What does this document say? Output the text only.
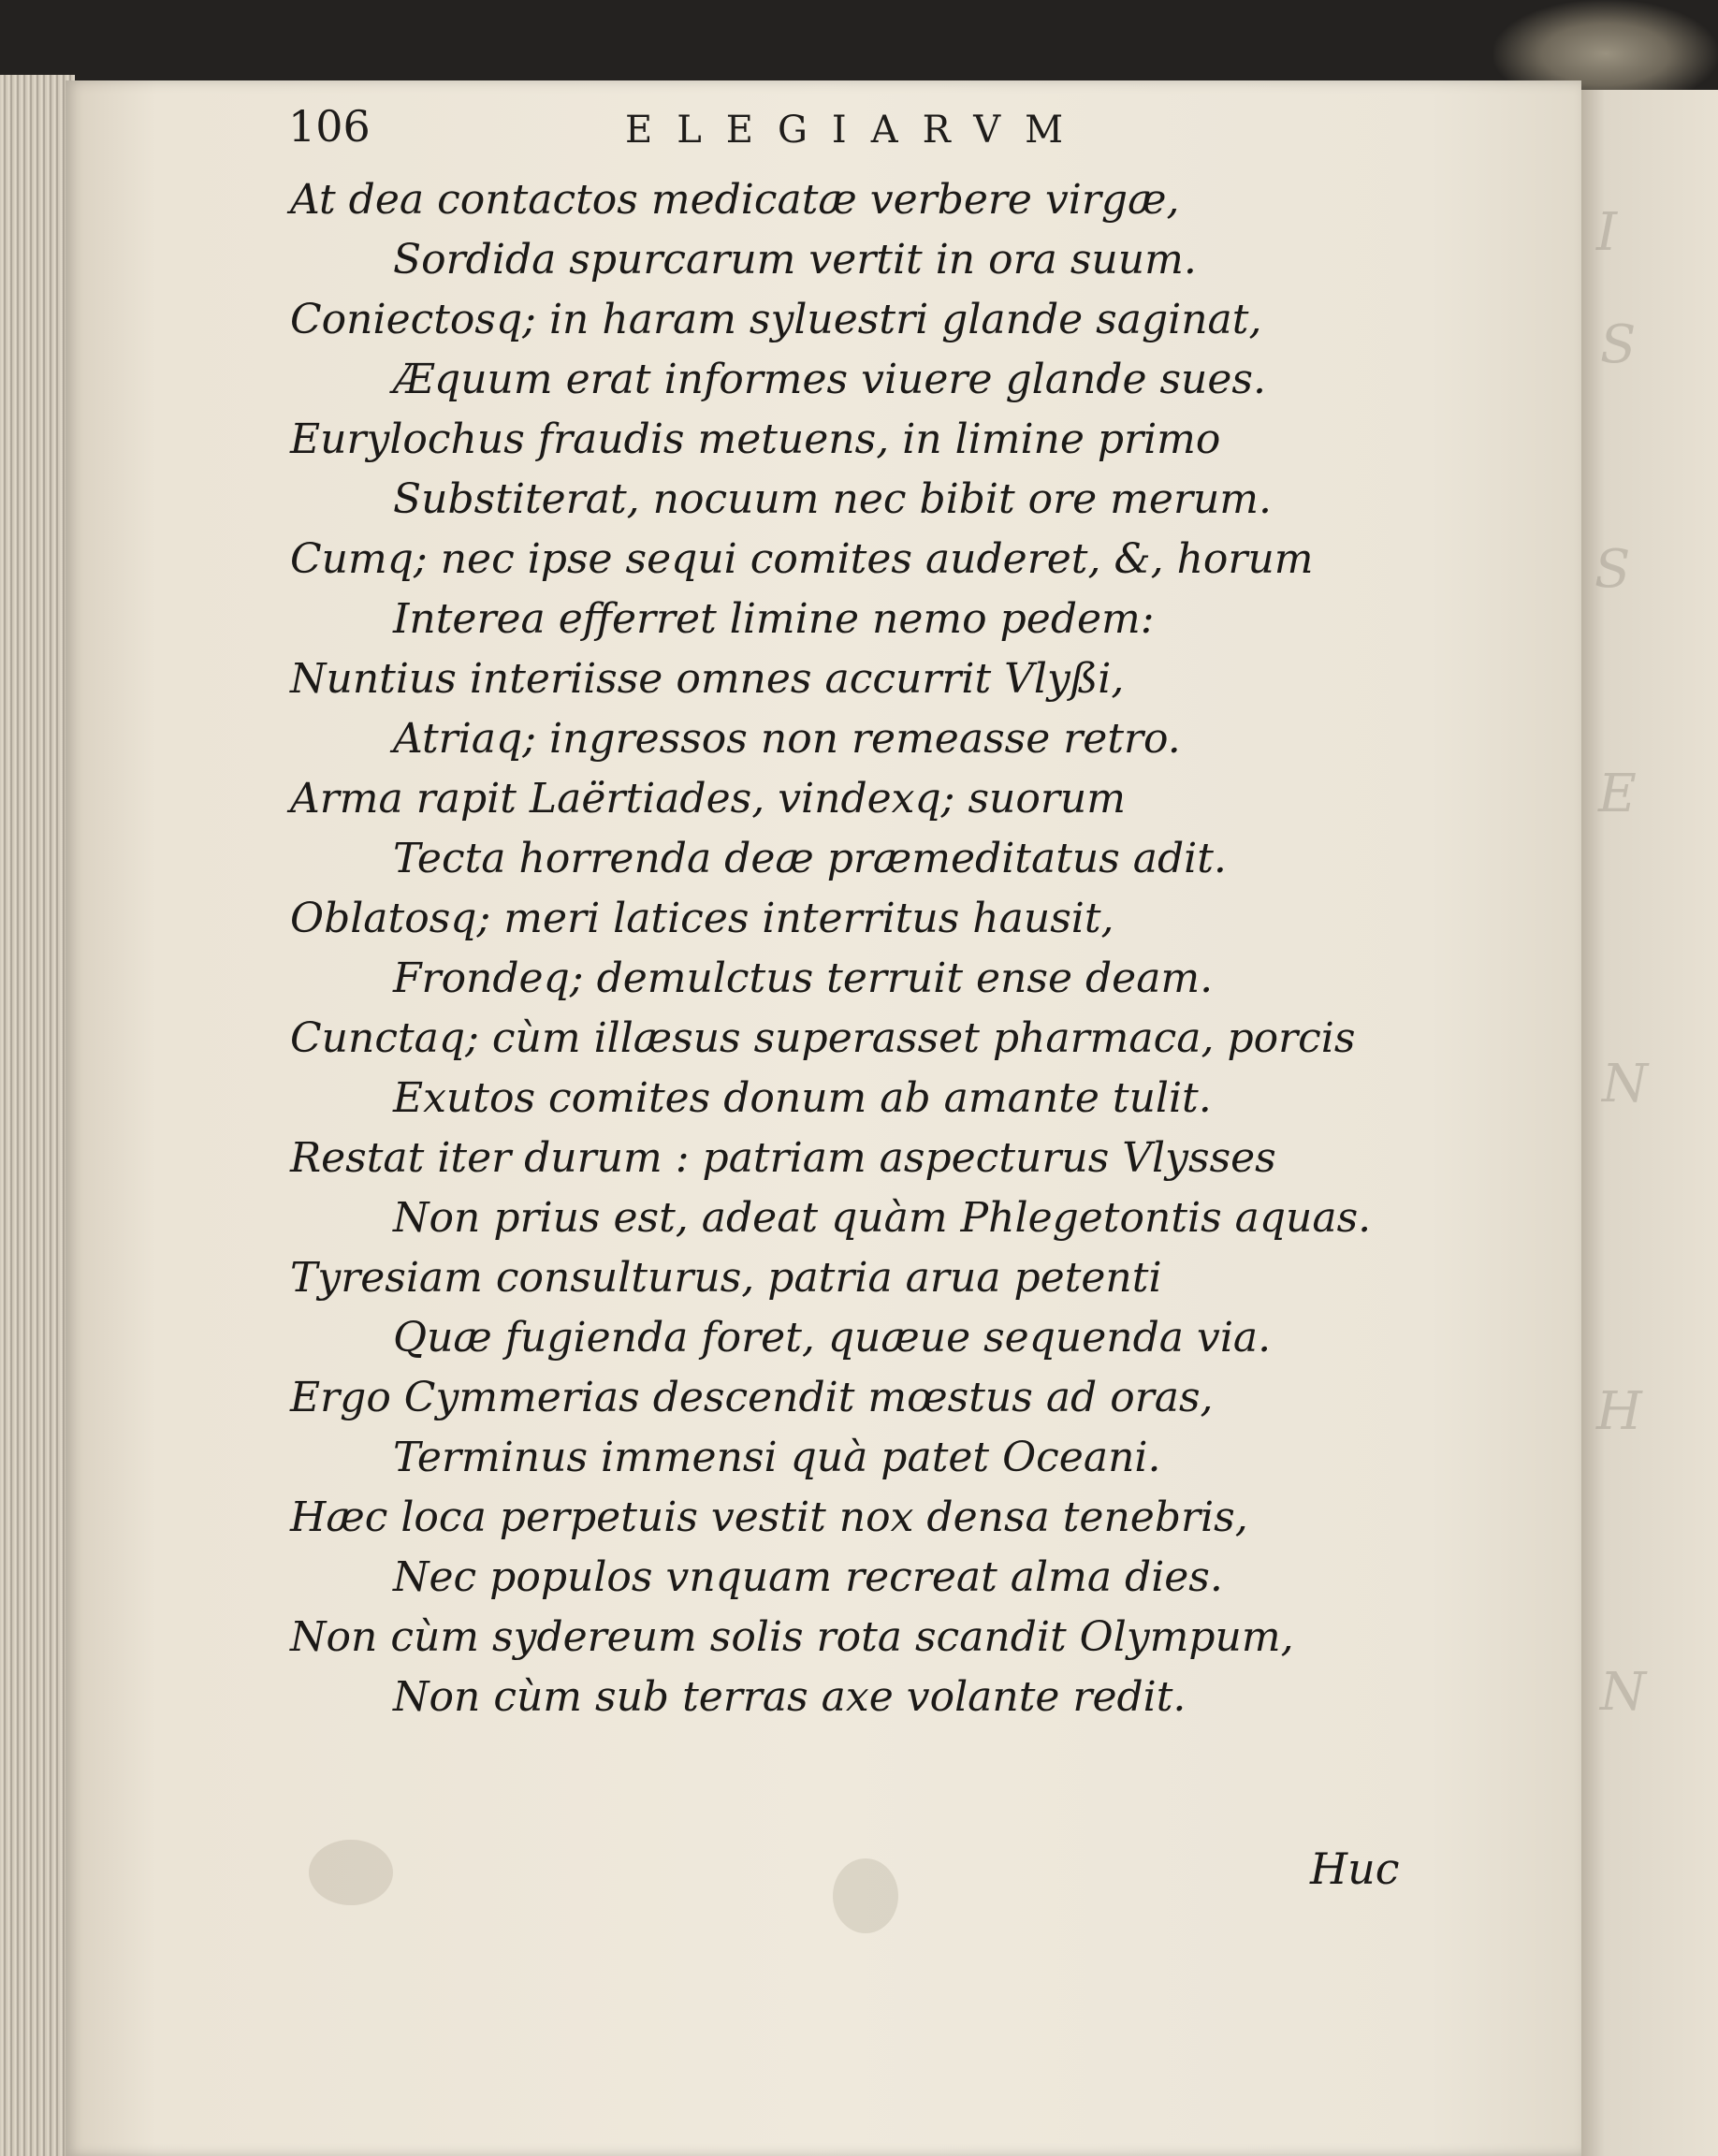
I
S
S
E
N
H
N
106	ELEGIARVM
At dea contactos medicatæ verbere virgæ,
Sordida spurcarum vertit in ora suum.
Coniectosq; in haram syluestri glande saginat,
Æquum erat informes viuere glande sues.
Eurylochus fraudis metuens, in limine primo
Substiterat, nocuum nec bibit ore merum.
Cumq; nec ipse sequi comites auderet, &, horum
Interea efferret limine nemo pedem:
Nuntius interiisse omnes accurrit Vlyßi,
Atriaq; ingressos non remeasse retro.
Arma rapit Laërtiades, vindexq; suorum
Tecta horrenda deæ præmeditatus adit.
Oblatosq; meri latices interritus hausit,
Frondeq; demulctus terruit ense deam.
Cunctaq; cùm illæsus superasset pharmaca, porcis
Exutos comites donum ab amante tulit.
Restat iter durum : patriam aspecturus Vlysses
Non prius est, adeat quàm Phlegetontis aquas.
Tyresiam consulturus, patria arua petenti
Quæ fugienda foret, quæue sequenda via.
Ergo Cymmerias descendit mœstus ad oras,
Terminus immensi quà patet Oceani.
Hæc loca perpetuis vestit nox densa tenebris,
Nec populos vnquam recreat alma dies.
Non cùm sydereum solis rota scandit Olympum,
Non cùm sub terras axe volante redit.
Huc
